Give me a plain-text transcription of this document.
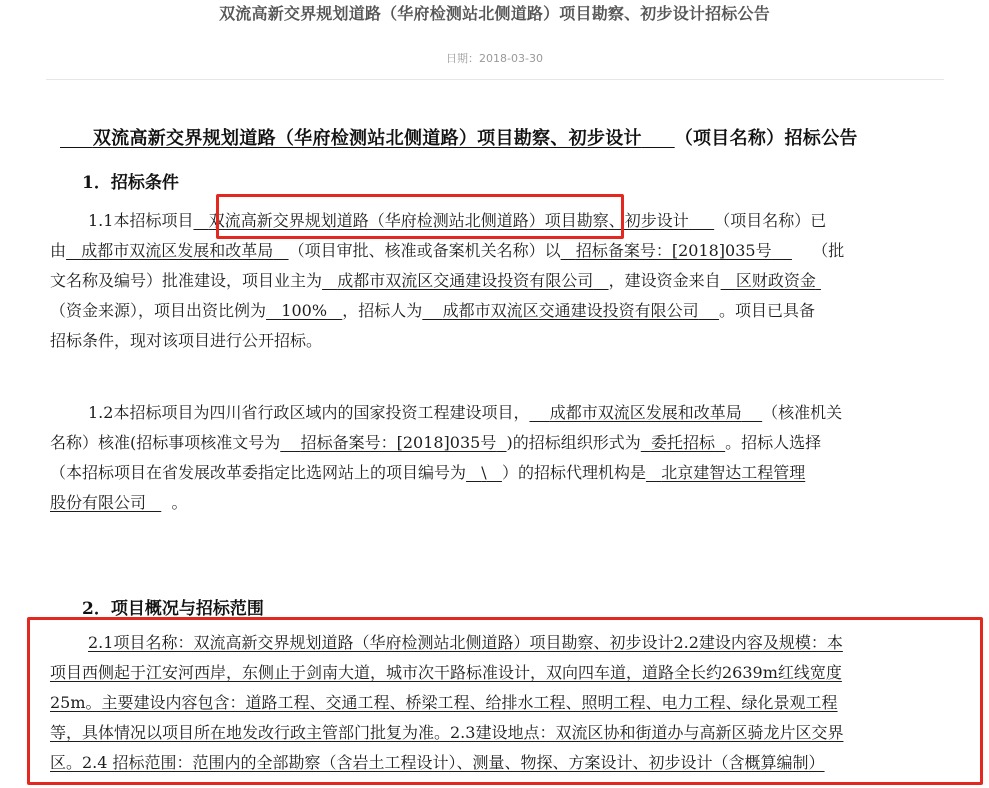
双流高新交界规划道路（华府检测站北侧道路）项目勘察、初步设计招标公告
日期：2018-03-30
双流高新交界规划道路（华府检测站北侧道路）项目勘察、初步设计 （项目名称）招标公告
1．招标条件
1.1本招标项目 双流高新交界规划道路（华府检测站北侧道路）项目勘察、初步设计 （项目名称）已
由 成都市双流区发展和改革局 （项目审批、核准或备案机关名称）以 招标备案号：[2018]035号	（批
文名称及编号）批准建设，项目业主为 成都市双流区交通建设投资有限公司 ，建设资金来自 区财政资金
（资金来源），项目出资比例为 100% ，招标人为 成都市双流区交通建设投资有限公司 。项目已具备
招标条件，现对该项目进行公开招标。
1.2本招标项目为四川省行政区域内的国家投资工程建设项目， 成都市双流区发展和改革局 （核准机关
名称）核准(招标事项核准文号为 招标备案号：[2018]035号 )的招标组织形式为 委托招标 。招标人选择
（本招标项目在省发展改革委指定比选网站上的项目编号为 \ ）的招标代理机构是 北京建智达工程管理
股份有限公司 。
2．项目概况与招标范围
2.1项目名称：双流高新交界规划道路（华府检测站北侧道路）项目勘察、初步设计2.2建设内容及规模：本
项目西侧起于江安河西岸，东侧止于剑南大道，城市次干路标准设计，双向四车道，道路全长约2639m红线宽度
25m。主要建设内容包含：道路工程、交通工程、桥梁工程、给排水工程、照明工程、电力工程、绿化景观工程
等，具体情况以项目所在地发改行政主管部门批复为准。2.3建设地点：双流区协和街道办与高新区骑龙片区交界
区。2.4 招标范围：范围内的全部勘察（含岩土工程设计）、测量、物探、方案设计、初步设计（含概算编制）
